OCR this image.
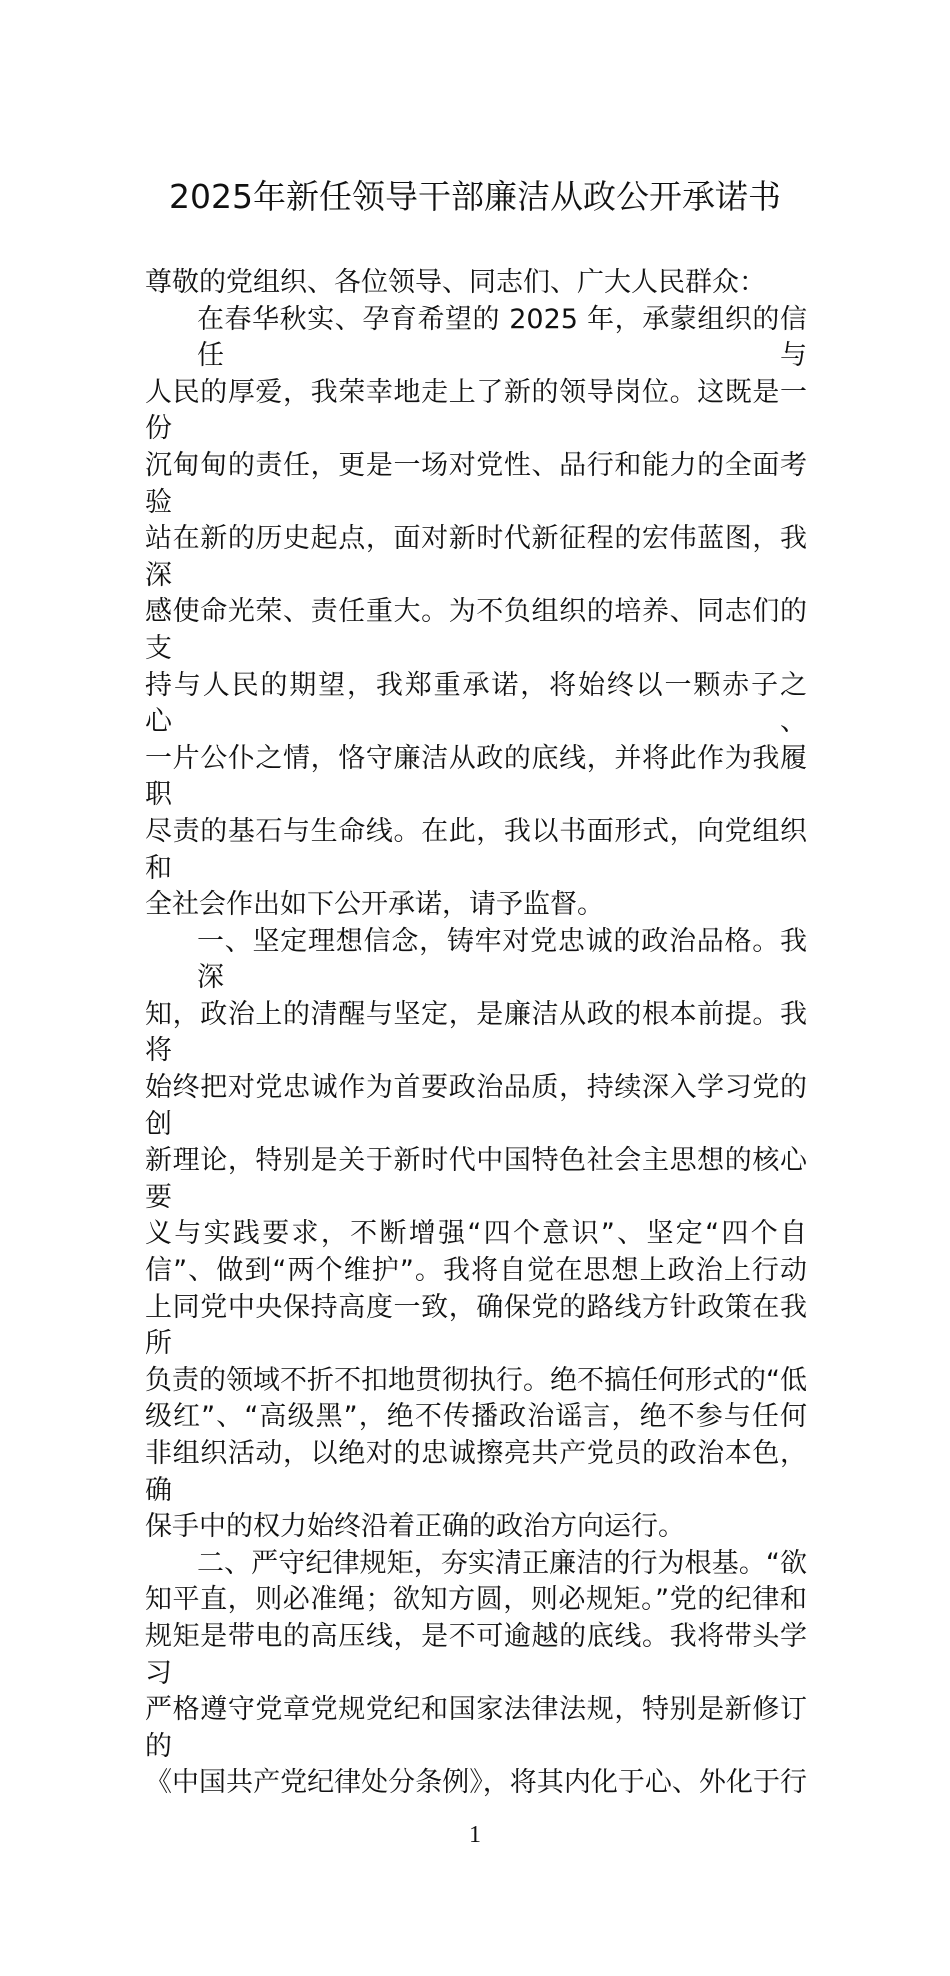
2025年新任领导干部廉洁从政公开承诺书
尊敬的党组织、各位领导、同志们、广大人民群众：
在春华秋实、孕育希望的 2025 年，承蒙组织的信任与
人民的厚爱，我荣幸地走上了新的领导岗位。这既是一份
沉甸甸的责任，更是一场对党性、品行和能力的全面考验
站在新的历史起点，面对新时代新征程的宏伟蓝图，我深
感使命光荣、责任重大。为不负组织的培养、同志们的支
持与人民的期望，我郑重承诺，将始终以一颗赤子之心、
一片公仆之情，恪守廉洁从政的底线，并将此作为我履职
尽责的基石与生命线。在此，我以书面形式，向党组织和
全社会作出如下公开承诺，请予监督。
一、坚定理想信念，铸牢对党忠诚的政治品格。我深
知，政治上的清醒与坚定，是廉洁从政的根本前提。我将
始终把对党忠诚作为首要政治品质，持续深入学习党的创
新理论，特别是关于新时代中国特色社会主思想的核心要
义与实践要求，不断增强“四个意识”、坚定“四个自
信”、做到“两个维护”。我将自觉在思想上政治上行动
上同党中央保持高度一致，确保党的路线方针政策在我所
负责的领域不折不扣地贯彻执行。绝不搞任何形式的“低
级红”、“高级黑”，绝不传播政治谣言，绝不参与任何
非组织活动，以绝对的忠诚擦亮共产党员的政治本色，确
保手中的权力始终沿着正确的政治方向运行。
二、严守纪律规矩，夯实清正廉洁的行为根基。“欲
知平直，则必准绳；欲知方圆，则必规矩。”党的纪律和
规矩是带电的高压线，是不可逾越的底线。我将带头学习
严格遵守党章党规党纪和国家法律法规，特别是新修订的
《中国共产党纪律处分条例》，将其内化于心、外化于行
1
